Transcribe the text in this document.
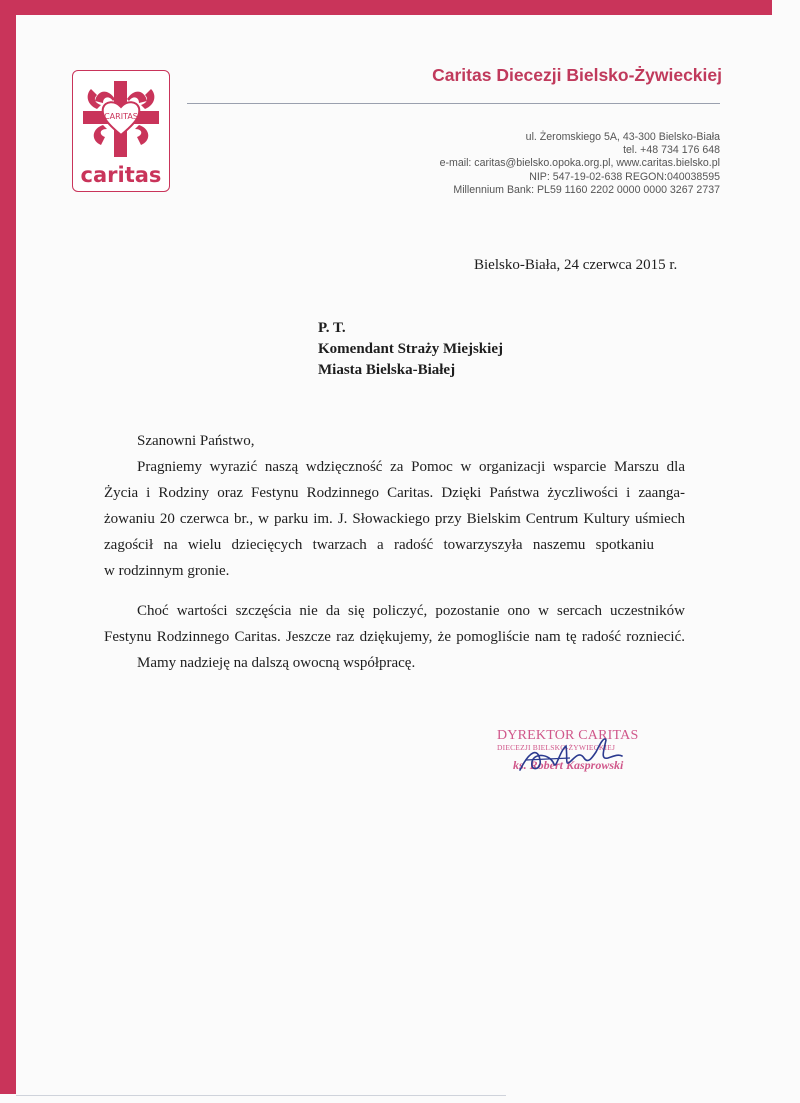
CARITAS
caritas
Caritas Diecezji Bielsko-Żywieckiej
ul. Żeromskiego 5A, 43-300 Bielsko-Biała
tel. +48 734 176 648
e-mail: caritas@bielsko.opoka.org.pl, www.caritas.bielsko.pl
NIP: 547-19-02-638 REGON:040038595
Millennium Bank: PL59 1160 2202 0000 0000 3267 2737
Bielsko-Biała, 24 czerwca 2015 r.
P. T.
Komendant Straży Miejskiej
Miasta Bielska-Białej
Szanowni Państwo,
Pragniemy wyrazić naszą wdzięczność za Pomoc w organizacji wsparcie Marszu dla
Życia i Rodziny oraz Festynu Rodzinnego Caritas. Dzięki Państwa życzliwości i zaanga-
żowaniu 20 czerwca br., w parku im. J. Słowackiego przy Bielskim Centrum Kultury uśmiech
zagościł na wielu dziecięcych twarzach a radość towarzyszyła naszemu spotkaniu
w rodzinnym gronie.
Choć wartości szczęścia nie da się policzyć, pozostanie ono w sercach uczestników
Festynu Rodzinnego Caritas. Jeszcze raz dziękujemy, że pomogliście nam tę radość rozniecić.
Mamy nadzieję na dalszą owocną współpracę.
DYREKTOR CARITAS
DIECEZJI BIELSKO-ŻYWIECKIEJ
ks. Robert Kasprowski
